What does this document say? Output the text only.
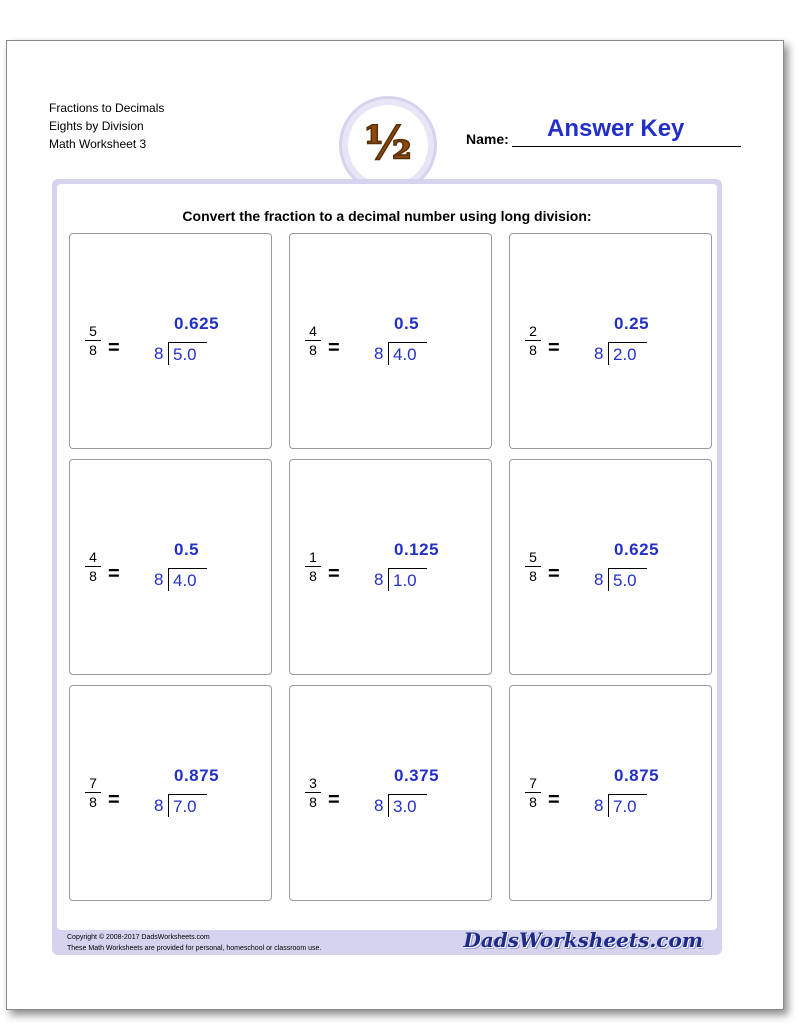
Fractions to Decimals
Eights by Division
Math Worksheet 3	½	Name: Answer Key
Convert the fraction to a decimal number using long division:
5
8 =
0.625
8 5.0
4
8 =
0.5
8 4.0
2
8 =
0.25
8 2.0
4
8 =
0.5
8 4.0
1
8 =
0.125
8 1.0
5
8 =
0.625
8 5.0
7
8 =
0.875
8 7.0
3
8 =
0.375
8 3.0
7
8 =
0.875
8 7.0
Copyright © 2008-2017 DadsWorksheets.com
These Math Worksheets are provided for personal, homeschool or classroom use.	DadsWorksheets.com
